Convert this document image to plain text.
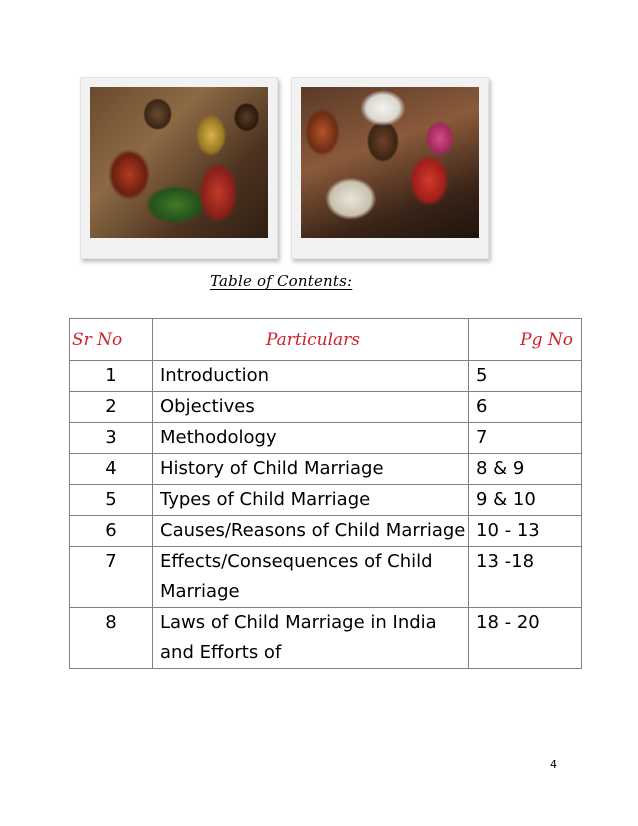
Table of Contents:
Sr No	Particulars	Pg No
1	Introduction	5
2	Objectives	6
3	Methodology	7
4	History of Child Marriage	8 & 9
5	Types of Child Marriage	9 & 10
6	Causes/Reasons of Child Marriage	10 - 13
7	Effects/Consequences of Child Marriage	13 -18
8	Laws of Child Marriage in India and Efforts of	18 - 20
4
